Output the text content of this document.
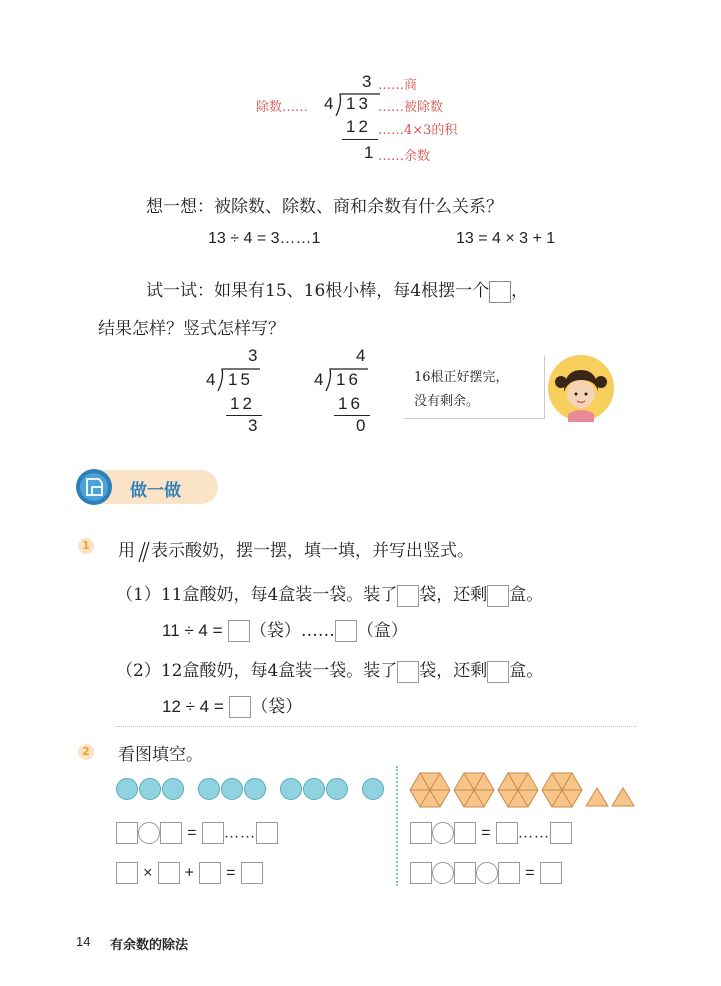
3 ……商
除数…… 4 13 ……被除数
12 ……4×3的积
1 ……余数
想一想：被除数、除数、商和余数有什么关系？
13 ÷ 4 = 3……1	13 = 4 × 3 + 1
试一试：如果有15、16根小棒，每4根摆一个 ，
结果怎样？竖式怎样写？
3
4 15
12
3
4
4 16
16
0
16根正好摆完，
没有剩余。
做一做
1 用 表示酸奶，摆一摆，填一填，并写出竖式。
（1）11盒酸奶，每4盒装一袋。装了 袋，还剩 盒。
11 ÷ 4 = （袋）…… （盒）
（2）12盒酸奶，每4盒装一袋。装了 袋，还剩 盒。
12 ÷ 4 = （袋）
2 看图填空。
= ……
× + =
= ……
=
14 有余数的除法
